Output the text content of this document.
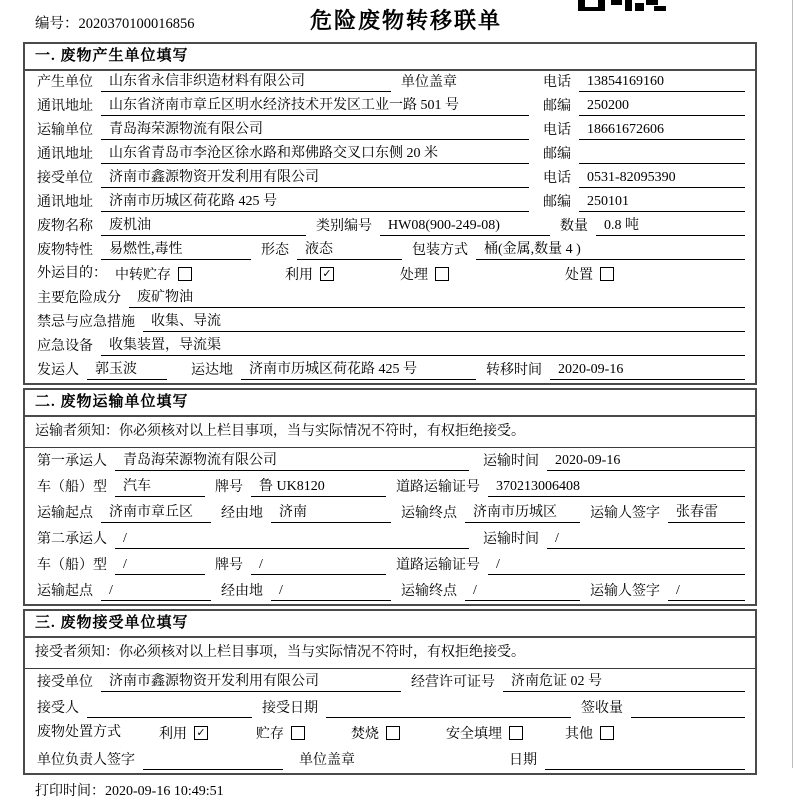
编号：2020370100016856	危险废物转移联单
一. 废物产生单位填写
产生单位	山东省永信非织造材料有限公司	单位盖章	电话	13854169160
通讯地址	山东省济南市章丘区明水经济技术开发区工业一路 501 号	邮编	250200
运输单位	青岛海荣源物流有限公司	电话	18661672606
通讯地址	山东省青岛市李沧区徐水路和郑佛路交叉口东侧 20 米	邮编
接受单位	济南市鑫源物资开发利用有限公司	电话	0531-82095390
通讯地址	济南市历城区荷花路 425 号	邮编	250101
废物名称	废机油	类别编号	HW08(900-249-08)	数量	0.8 吨
废物特性	易燃性,毒性	形态	液态	包装方式	桶(金属,数量 4 )
外运目的： 中转贮存	利用 ✓	处理	处置
主要危险成分	废矿物油
禁忌与应急措施	收集、导流
应急设备	收集装置，导流渠
发运人	郭玉波	运达地	济南市历城区荷花路 425 号	转移时间	2020-09-16
二. 废物运输单位填写
运输者须知：你必须核对以上栏目事项，当与实际情况不符时，有权拒绝接受。
第一承运人	青岛海荣源物流有限公司	运输时间	2020-09-16
车（船）型	汽车	牌号	鲁 UK8120	道路运输证号	370213006408
运输起点	济南市章丘区	经由地	济南	运输终点	济南市历城区	运输人签字	张春雷
第二承运人	/	运输时间	/
车（船）型	/	牌号	/	道路运输证号	/
运输起点	/	经由地	/	运输终点	/	运输人签字	/
三. 废物接受单位填写
接受者须知：你必须核对以上栏目事项，当与实际情况不符时，有权拒绝接受。
接受单位	济南市鑫源物资开发利用有限公司	经营许可证号	济南危证 02 号
接受人	接受日期	签收量
废物处置方式	利用 ✓	贮存	焚烧	安全填埋	其他
单位负责人签字	单位盖章	日期
打印时间：2020-09-16 10:49:51
